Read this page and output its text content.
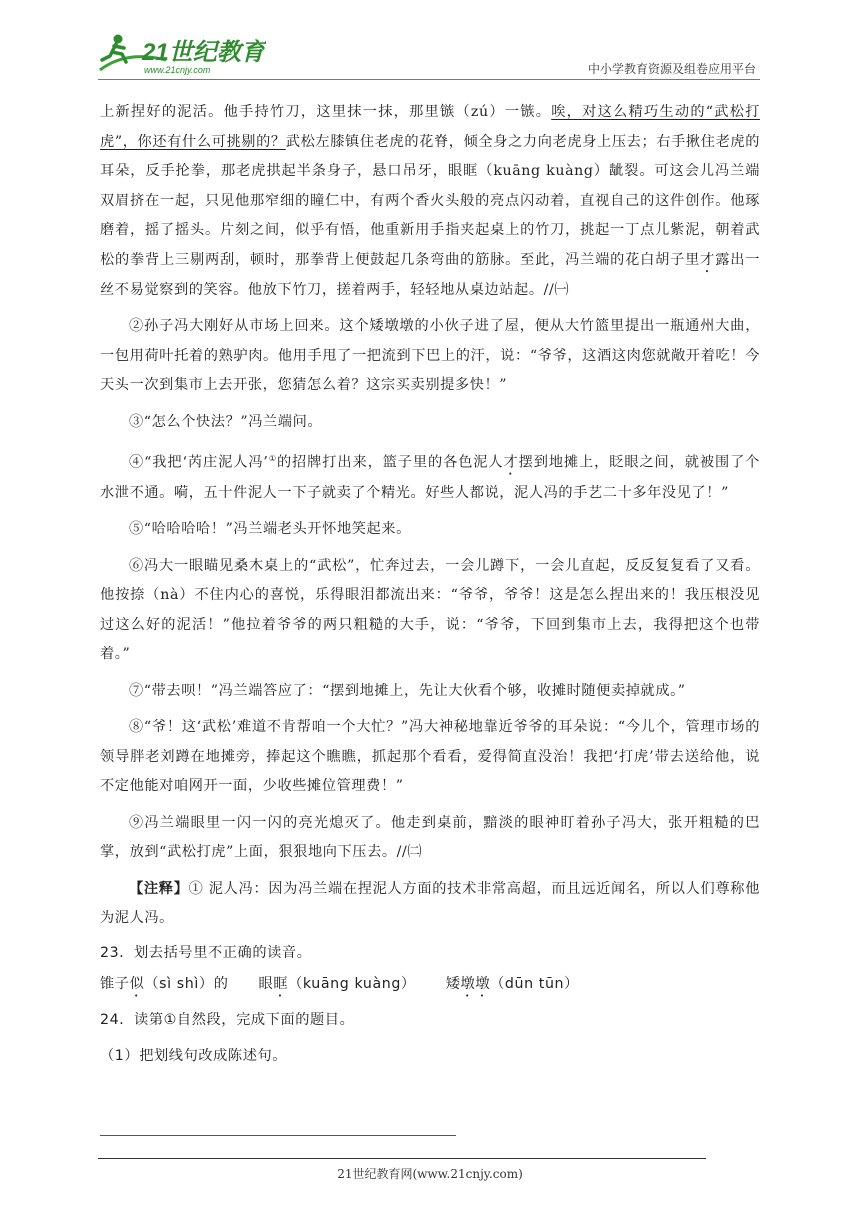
21世纪教育
www.21cnjy.com	中小学教育资源及组卷应用平台

上新捏好的泥活。他手持竹刀，这里抹一抹，那里镞（zú）一镞。唉，对这么精巧生动的“武松打虎”，你还有什么可挑剔的？武松左膝镇住老虎的花脊，倾全身之力向老虎身上压去；右手揪住老虎的耳朵，反手抡拳，那老虎拱起半条身子，悬口吊牙，眼眶（kuāng kuàng）龇裂。可这会儿冯兰端双眉挤在一起，只见他那窄细的瞳仁中，有两个香火头般的亮点闪动着，直视自己的这件创作。他琢磨着，摇了摇头。片刻之间，似乎有悟，他重新用手指夹起桌上的竹刀，挑起一丁点儿紫泥，朝着武松的拳背上三剔两刮，顿时，那拳背上便鼓起几条弯曲的筋脉。至此，冯兰端的花白胡子里才露出一丝不易觉察到的笑容。他放下竹刀，搓着两手，轻轻地从桌边站起。//㈠

②孙子冯大刚好从市场上回来。这个矮墩墩的小伙子进了屋，便从大竹篮里提出一瓶通州大曲，一包用荷叶托着的熟驴肉。他用手甩了一把流到下巴上的汗，说：“爷爷，这酒这肉您就敞开着吃！今天头一次到集市上去开张，您猜怎么着？这宗买卖别提多快！”

③“怎么个快法？”冯兰端问。

④“我把‘芮庄泥人冯’①的招牌打出来，篮子里的各色泥人才摆到地摊上，眨眼之间，就被围了个水泄不通。嗬，五十件泥人一下子就卖了个精光。好些人都说，泥人冯的手艺二十多年没见了！”

⑤“哈哈哈哈！”冯兰端老头开怀地笑起来。

⑥冯大一眼瞄见桑木桌上的“武松”，忙奔过去，一会儿蹲下，一会儿直起，反反复复看了又看。他按捺（nà）不住内心的喜悦，乐得眼泪都流出来：“爷爷，爷爷！这是怎么捏出来的！我压根没见过这么好的泥活！”他拉着爷爷的两只粗糙的大手，说：“爷爷，下回到集市上去，我得把这个也带着。”

⑦“带去呗！”冯兰端答应了：“摆到地摊上，先让大伙看个够，收摊时随便卖掉就成。”

⑧“爷！这‘武松’难道不肯帮咱一个大忙？”冯大神秘地靠近爷爷的耳朵说：“今儿个，管理市场的领导胖老刘蹲在地摊旁，捧起这个瞧瞧，抓起那个看看，爱得简直没治！我把‘打虎’带去送给他，说不定他能对咱网开一面，少收些摊位管理费！”

⑨冯兰端眼里一闪一闪的亮光熄灭了。他走到桌前，黯淡的眼神盯着孙子冯大，张开粗糙的巴掌，放到“武松打虎”上面，狠狠地向下压去。//㈡

【注释】① 泥人冯：因为冯兰端在捏泥人方面的技术非常高超，而且远近闻名，所以人们尊称他为泥人冯。

23．划去括号里不正确的读音。

锥子似（sì shì）的 眼眶（kuāng kuàng） 矮墩墩（dūn tūn）

24．读第①自然段，完成下面的题目。

（1）把划线句改成陈述句。

21世纪教育网(www.21cnjy.com)
